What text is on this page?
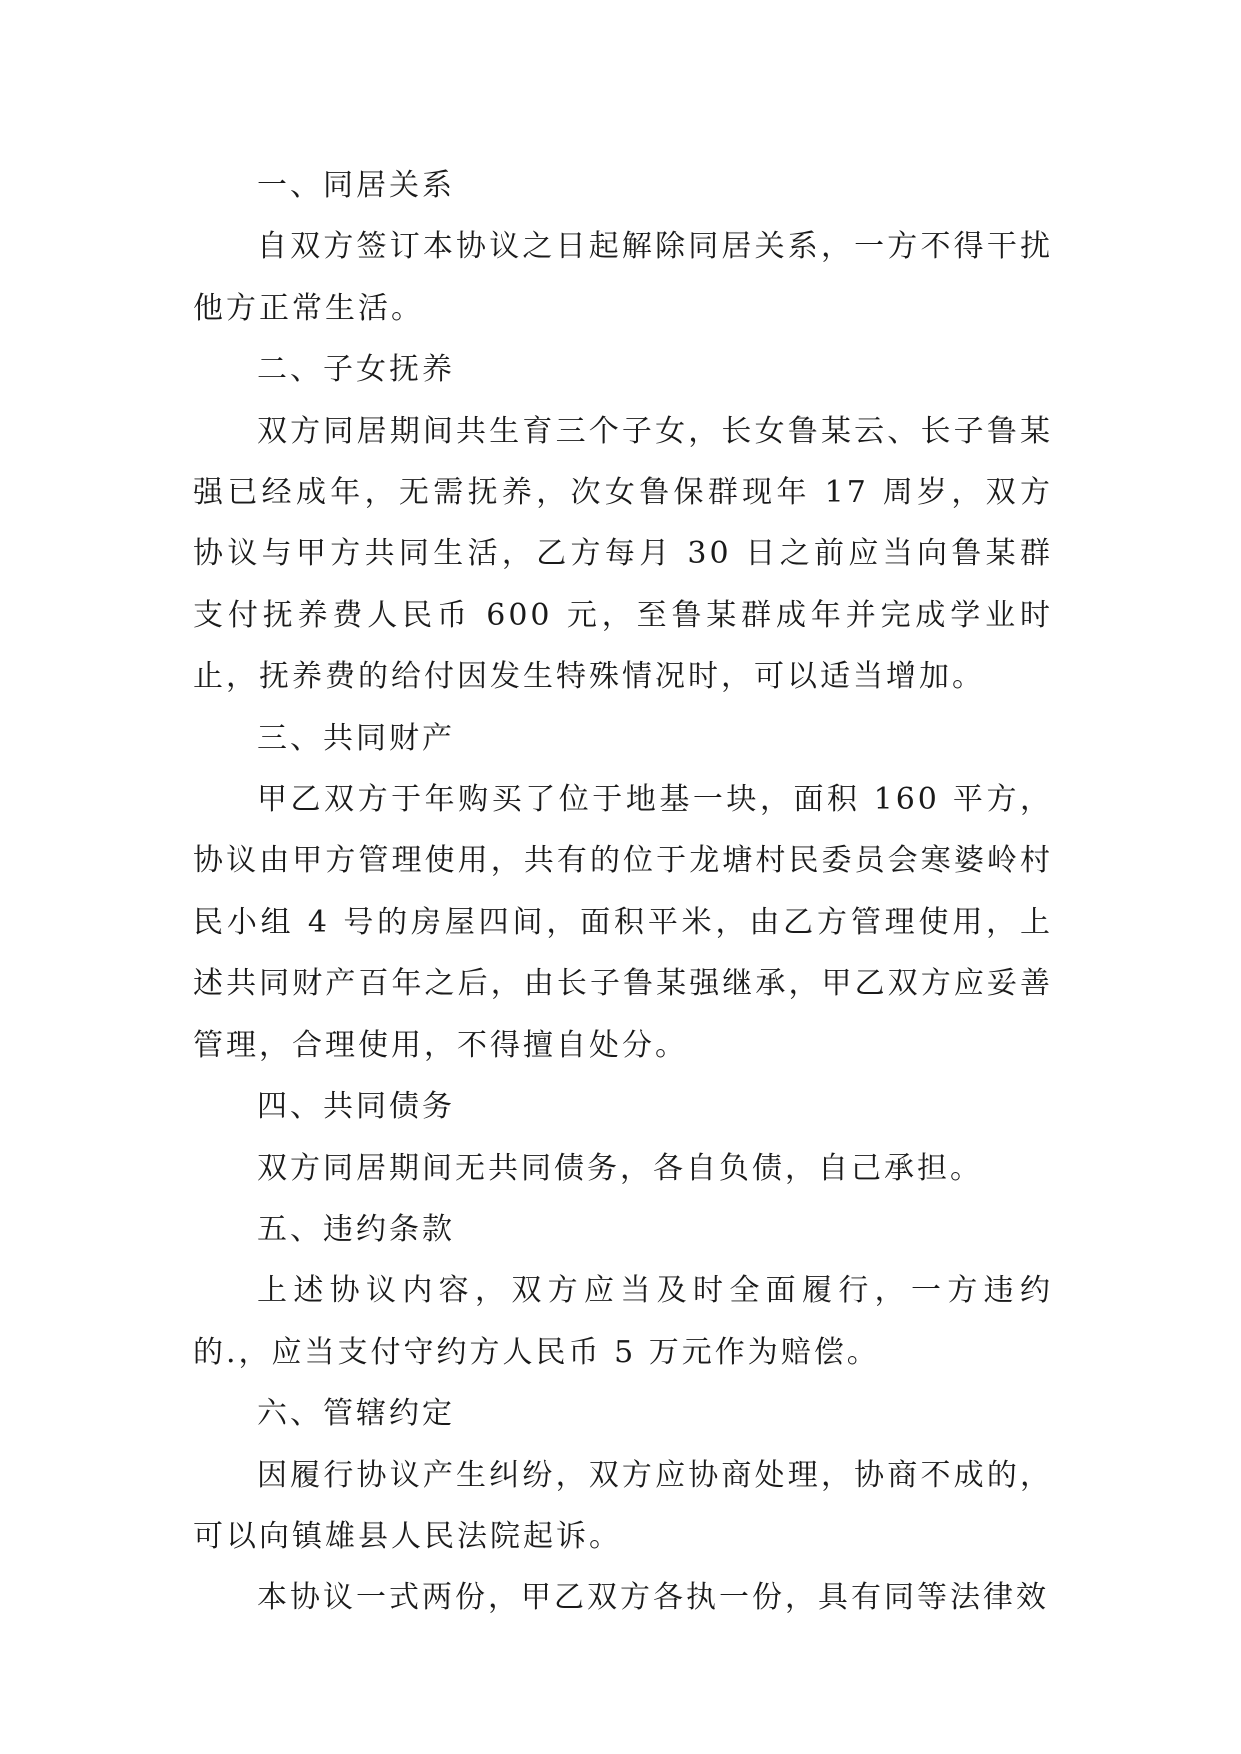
一、同居关系

自双方签订本协议之日起解除同居关系，一方不得干扰他方正常生活。

二、子女抚养

双方同居期间共生育三个子女，长女鲁某云、长子鲁某强已经成年，无需抚养，次女鲁保群现年 17 周岁，双方协议与甲方共同生活，乙方每月 30 日之前应当向鲁某群支付抚养费人民币 600 元，至鲁某群成年并完成学业时止，抚养费的给付因发生特殊情况时，可以适当增加。

三、共同财产

甲乙双方于年购买了位于地基一块，面积 160 平方，协议由甲方管理使用，共有的位于龙塘村民委员会寒婆岭村民小组 4 号的房屋四间，面积平米，由乙方管理使用，上述共同财产百年之后，由长子鲁某强继承，甲乙双方应妥善管理，合理使用，不得擅自处分。

四、共同债务

双方同居期间无共同债务，各自负债，自己承担。

五、违约条款

上述协议内容，双方应当及时全面履行，一方违约的.，应当支付守约方人民币 5 万元作为赔偿。

六、管辖约定

因履行协议产生纠纷，双方应协商处理，协商不成的，可以向镇雄县人民法院起诉。

本协议一式两份，甲乙双方各执一份，具有同等法律效
